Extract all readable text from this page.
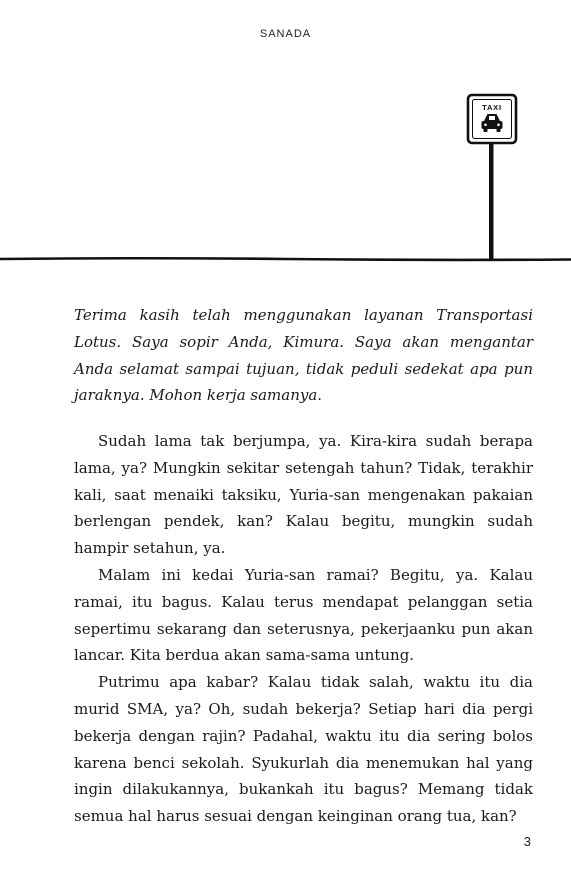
SANADA
TAXI

Terima kasih telah menggunakan layanan Transportasi Lotus. Saya sopir Anda, Kimura. Saya akan mengantar Anda selamat sampai tujuan, tidak peduli sedekat apa pun jaraknya. Mohon kerja samanya.

Sudah lama tak berjumpa, ya. Kira-kira sudah berapa lama, ya? Mungkin sekitar setengah tahun? Tidak, terakhir kali, saat menaiki taksiku, Yuria-san mengenakan pakaian berlengan pendek, kan? Kalau begitu, mungkin sudah hampir setahun, ya.

Malam ini kedai Yuria-san ramai? Begitu, ya. Kalau ramai, itu bagus. Kalau terus mendapat pelanggan setia sepertimu sekarang dan seterusnya, pekerjaanku pun akan lancar. Kita berdua akan sama-sama untung.

Putrimu apa kabar? Kalau tidak salah, waktu itu dia murid SMA, ya? Oh, sudah bekerja? Setiap hari dia pergi bekerja dengan rajin? Padahal, waktu itu dia sering bolos karena benci sekolah. Syukurlah dia menemukan hal yang ingin dilakukannya, bukankah itu bagus? Memang tidak semua hal harus sesuai dengan keinginan orang tua, kan?

3
